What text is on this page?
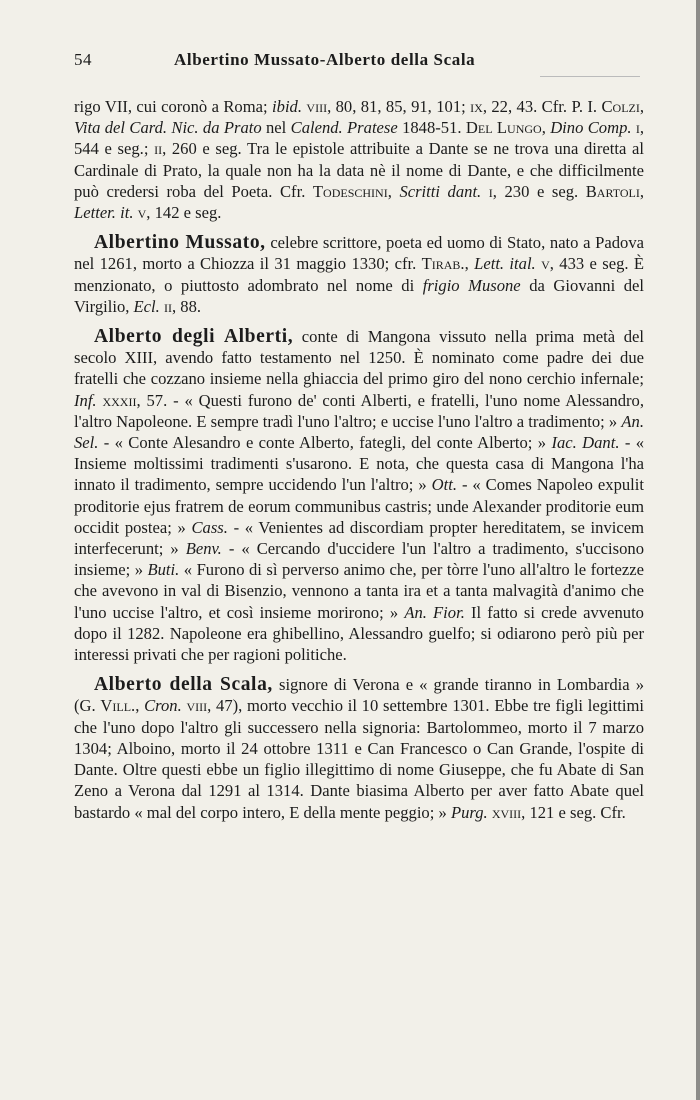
54	Albertino Mussato-Alberto della Scala

rigo VII, cui coronò a Roma; ibid. viii, 80, 81, 85, 91, 101; ix, 22, 43. Cfr. P. I. Colzi, Vita del Card. Nic. da Prato nel Calend. Pratese 1848-51. Del Lungo, Dino Comp. i, 544 e seg.; ii, 260 e seg. Tra le epistole attribuite a Dante se ne trova una diretta al Cardinale di Prato, la quale non ha la data nè il nome di Dante, e che difficilmente può credersi roba del Poeta. Cfr. Todeschini, Scritti dant. i, 230 e seg. Bartoli, Letter. it. v, 142 e seg.

Albertino Mussato, celebre scrittore, poeta ed uomo di Stato, nato a Padova nel 1261, morto a Chiozza il 31 maggio 1330; cfr. Tirab., Lett. ital. v, 433 e seg. È menzionato, o piuttosto adombrato nel nome di frigio Musone da Giovanni del Virgilio, Ecl. ii, 88.

Alberto degli Alberti, conte di Mangona vissuto nella prima metà del secolo XIII, avendo fatto testamento nel 1250. È nominato come padre dei due fratelli che cozzano insieme nella ghiaccia del primo giro del nono cerchio infernale; Inf. xxxii, 57. - « Questi furono de' conti Alberti, e fratelli, l'uno nome Alessandro, l'altro Napoleone. E sempre tradì l'uno l'altro; e uccise l'uno l'altro a tradimento; » An. Sel. - « Conte Alesandro e conte Alberto, fategli, del conte Alberto; » Iac. Dant. - « Insieme moltissimi tradimenti s'usarono. E nota, che questa casa di Mangona l'ha innato il tradimento, sempre uccidendo l'un l'altro; » Ott. - « Comes Napoleo expulit proditorie ejus fratrem de eorum communibus castris; unde Alexander proditorie eum occidit postea; » Cass. - « Venientes ad discordiam propter hereditatem, se invicem interfecerunt; » Benv. - « Cercando d'uccidere l'un l'altro a tradimento, s'uccisono insieme; » Buti. « Furono di sì perverso animo che, per tòrre l'uno all'altro le fortezze che avevono in val di Bisenzio, vennono a tanta ira et a tanta malvagità d'animo che l'uno uccise l'altro, et così insieme morirono; » An. Fior. Il fatto si crede avvenuto dopo il 1282. Napoleone era ghibellino, Alessandro guelfo; si odiarono però più per interessi privati che per ragioni politiche.

Alberto della Scala, signore di Verona e « grande tiranno in Lombardia » (G. Vill., Cron. viii, 47), morto vecchio il 10 settembre 1301. Ebbe tre figli legittimi che l'uno dopo l'altro gli successero nella signoria: Bartolommeo, morto il 7 marzo 1304; Alboino, morto il 24 ottobre 1311 e Can Francesco o Can Grande, l'ospite di Dante. Oltre questi ebbe un figlio illegittimo di nome Giuseppe, che fu Abate di San Zeno a Verona dal 1291 al 1314. Dante biasima Alberto per aver fatto Abate quel bastardo « mal del corpo intero, E della mente peggio; » Purg. xviii, 121 e seg. Cfr.
